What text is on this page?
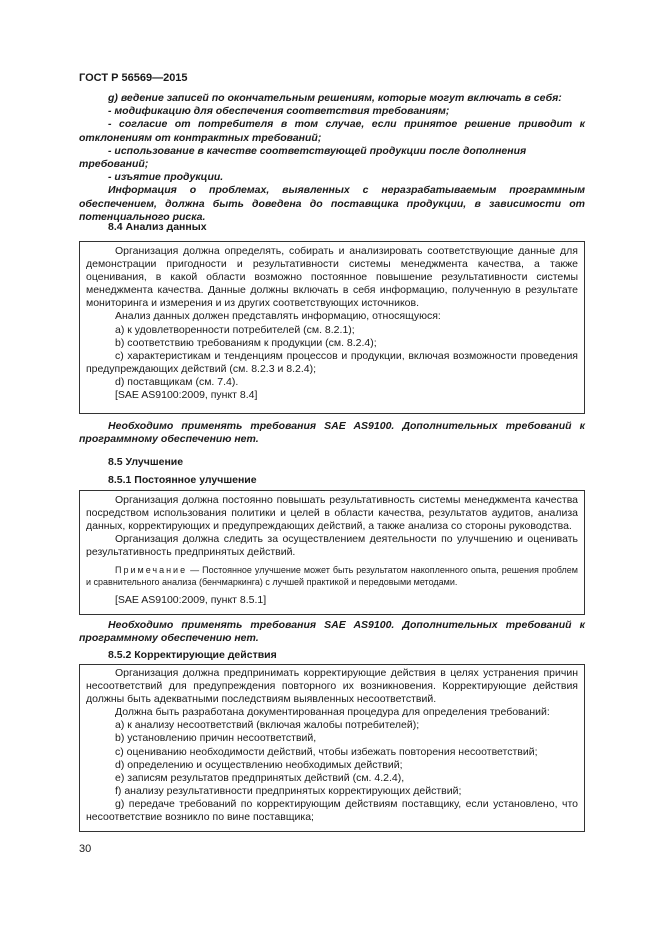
ГОСТ Р 56569—2015

g) ведение записей по окончательным решениям, которые могут включать в себя:

- модификацию для обеспечения соответствия требованиям;

- согласие от потребителя в том случае, если принятое решение приводит к отклонениям от контрактных требований;

- использование в качестве соответствующей продукции после дополнения требований;

- изъятие продукции.

Информация о проблемах, выявленных с неразрабатываемым программным обеспечением, должна быть доведена до поставщика продукции, в зависимости от потенциального риска.

8.4 Анализ данных

Организация должна определять, собирать и анализировать соответствующие данные для демонстрации пригодности и результативности системы менеджмента качества, а также оценивания, в какой области возможно постоянное повышение результативности системы менеджмента качества. Данные должны включать в себя информацию, полученную в результате мониторинга и измерения и из других соответствующих источников.

Анализ данных должен представлять информацию, относящуюся:

а) к удовлетворенности потребителей (см. 8.2.1);

b) соответствию требованиям к продукции (см. 8.2.4);

c) характеристикам и тенденциям процессов и продукции, включая возможности проведения предупреждающих действий (см. 8.2.3 и 8.2.4);

d) поставщикам (см. 7.4).

[SAE AS9100:2009, пункт 8.4]

Необходимо применять требования SAE AS9100. Дополнительных требований к программному обеспечению нет.

8.5 Улучшение
8.5.1 Постоянное улучшение

Организация должна постоянно повышать результативность системы менеджмента качества посредством использования политики и целей в области качества, результатов аудитов, анализа данных, корректирующих и предупреждающих действий, а также анализа со стороны руководства.

Организация должна следить за осуществлением деятельности по улучшению и оценивать результативность предпринятых действий.

Примечание — Постоянное улучшение может быть результатом накопленного опыта, решения проблем и сравнительного анализа (бенчмаркинга) с лучшей практикой и передовыми методами.

[SAE AS9100:2009, пункт 8.5.1]

Необходимо применять требования SAE AS9100. Дополнительных требований к программному обеспечению нет.

8.5.2 Корректирующие действия

Организация должна предпринимать корректирующие действия в целях устранения причин несоответствий для предупреждения повторного их возникновения. Корректирующие действия должны быть адекватными последствиям выявленных несоответствий.

Должна быть разработана документированная процедура для определения требований:

а) к анализу несоответствий (включая жалобы потребителей);

b) установлению причин несоответствий,

c) оцениванию необходимости действий, чтобы избежать повторения несоответствий;

d) определению и осуществлению необходимых действий;

e) записям результатов предпринятых действий (см. 4.2.4),

f) анализу результативности предпринятых корректирующих действий;

g) передаче требований по корректирующим действиям поставщику, если установлено, что несоответствие возникло по вине поставщика;

30
